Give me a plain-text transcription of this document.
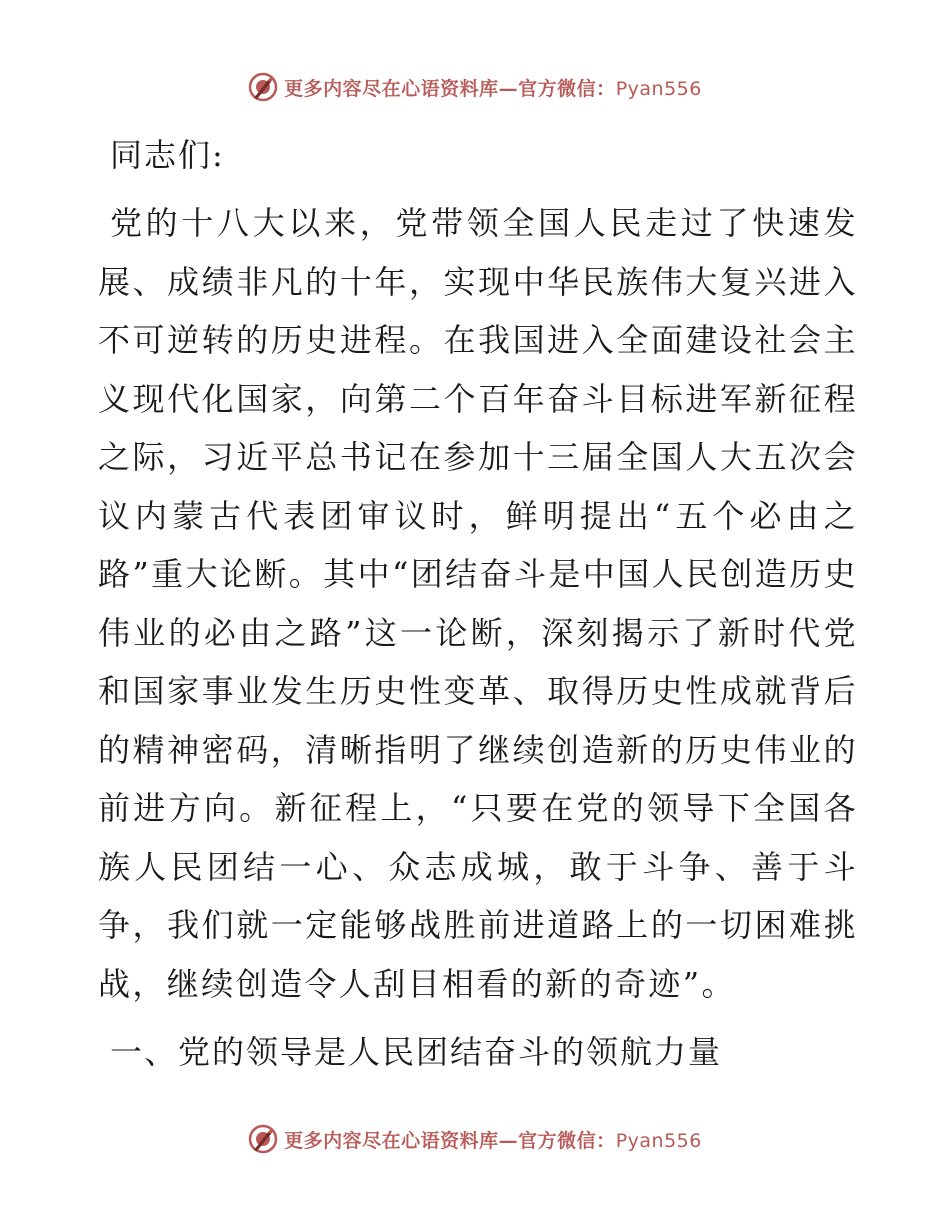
更多内容尽在心语资料库—官方微信：Pyan556
同志们:

党的十八大以来，党带领全国人民走过了快速发展、成绩非凡的十年，实现中华民族伟大复兴进入不可逆转的历史进程。在我国进入全面建设社会主义现代化国家，向第二个百年奋斗目标进军新征程之际，习近平总书记在参加十三届全国人大五次会议内蒙古代表团审议时，鲜明提出“五个必由之路”重大论断。其中“团结奋斗是中国人民创造历史伟业的必由之路”这一论断，深刻揭示了新时代党和国家事业发生历史性变革、取得历史性成就背后的精神密码，清晰指明了继续创造新的历史伟业的前进方向。新征程上，“只要在党的领导下全国各族人民团结一心、众志成城，敢于斗争、善于斗争，我们就一定能够战胜前进道路上的一切困难挑战，继续创造令人刮目相看的新的奇迹”。

一、党的领导是人民团结奋斗的领航力量
更多内容尽在心语资料库—官方微信：Pyan556
